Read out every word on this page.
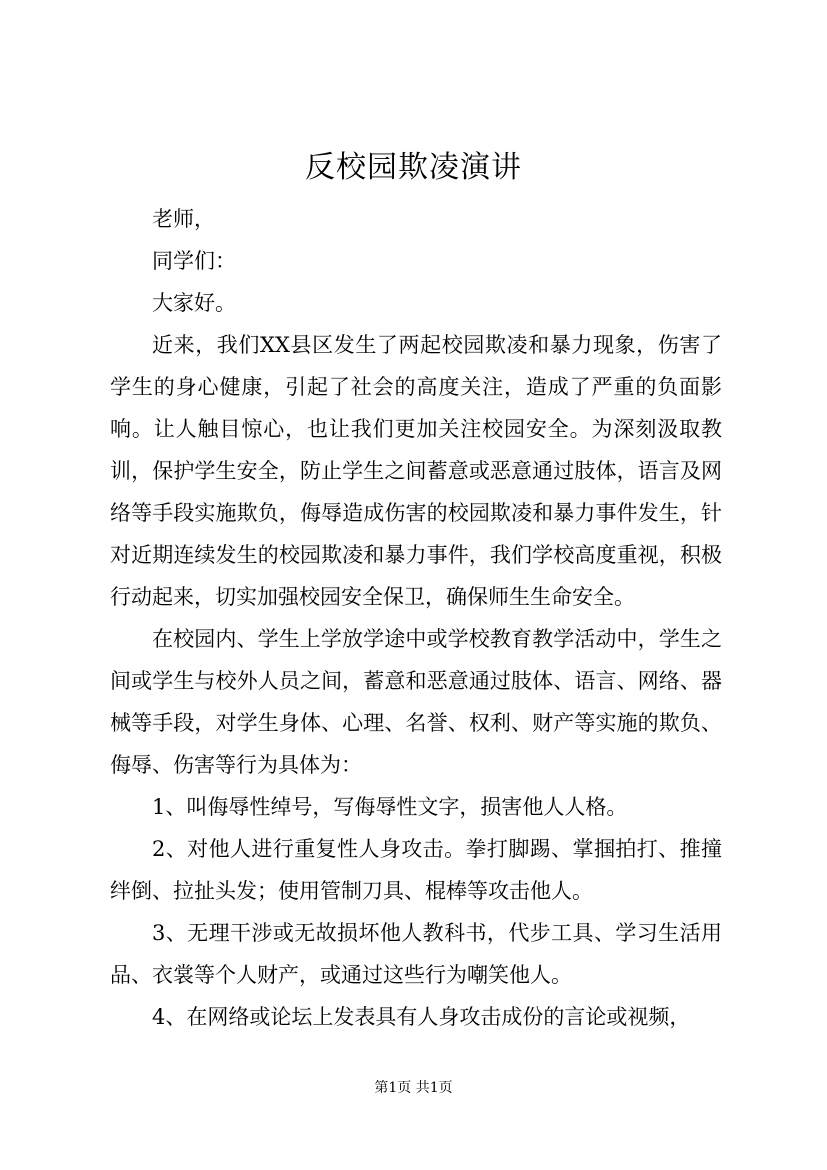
反校园欺凌演讲

老师，

同学们：

大家好。

近来，我们XX县区发生了两起校园欺凌和暴力现象，伤害了学生的身心健康，引起了社会的高度关注，造成了严重的负面影响。让人触目惊心，也让我们更加关注校园安全。为深刻汲取教训，保护学生安全，防止学生之间蓄意或恶意通过肢体，语言及网络等手段实施欺负，侮辱造成伤害的校园欺凌和暴力事件发生，针对近期连续发生的校园欺凌和暴力事件，我们学校高度重视，积极行动起来，切实加强校园安全保卫，确保师生生命安全。

在校园内、学生上学放学途中或学校教育教学活动中，学生之间或学生与校外人员之间，蓄意和恶意通过肢体、语言、网络、器械等手段，对学生身体、心理、名誉、权利、财产等实施的欺负、侮辱、伤害等行为具体为：

1、叫侮辱性绰号，写侮辱性文字，损害他人人格。

2、对他人进行重复性人身攻击。拳打脚踢、掌掴拍打、推撞绊倒、拉扯头发；使用管制刀具、棍棒等攻击他人。

3、无理干涉或无故损坏他人教科书，代步工具、学习生活用品、衣裳等个人财产，或通过这些行为嘲笑他人。

4、在网络或论坛上发表具有人身攻击成份的言论或视频，

第1页 共1页
